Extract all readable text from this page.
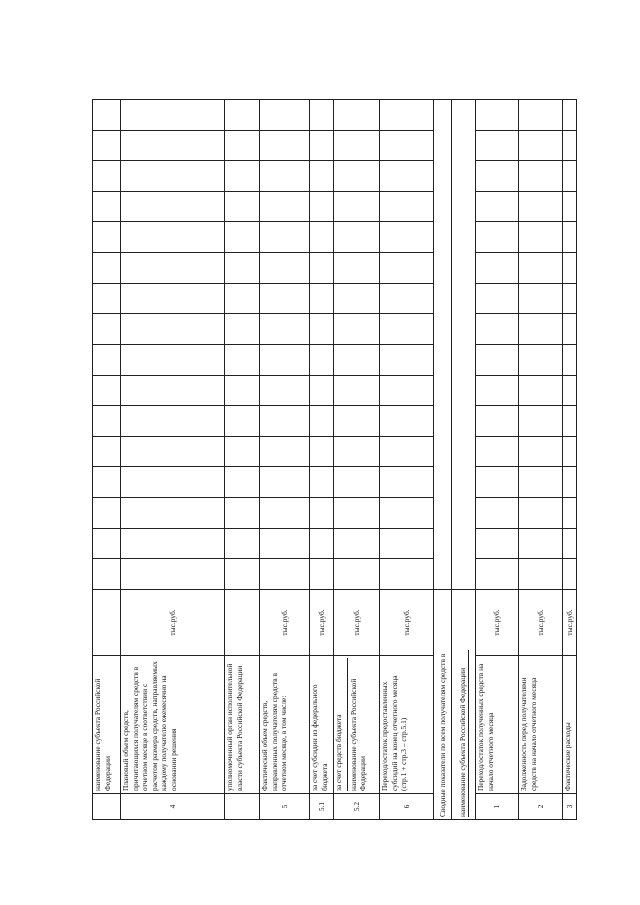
	наименование субъекта Российской Федерации																	

4	Плановый объем средств, причитающихся получателям средств в отчетном месяце в соответствии с расчетом размера средств, направляемых каждому получателю ежемесячно на основании решения	тыс.руб.																

	уполномоченный орган исполнительной власти субъекта Российской Федерации																	

5	Фактический объем средств, направленных получателям средств в отчетном месяце, в том числе:	тыс.руб.																
5.1	за счет субсидии из федерального бюджета	тыс.руб.																
5.2	за счет средств бюджета наименование субъекта Российской Федерации	тыс.руб.																
6	Переход/остаток предоставленных субсидий на конец отчетного месяца (стр.1 + стр.3 – стр.5.1)	тыс.руб.																
Сводные показатели по всем получателям средств в																		
наименование субъекта Российской Федерации																		
1	Переход/остаток полученных средств на начало отчетного месяца	тыс.руб.																
2	Задолженность перед получателями средств на начало отчетного месяца	тыс.руб.																
3	Фактические расходы	тыс.руб.																
